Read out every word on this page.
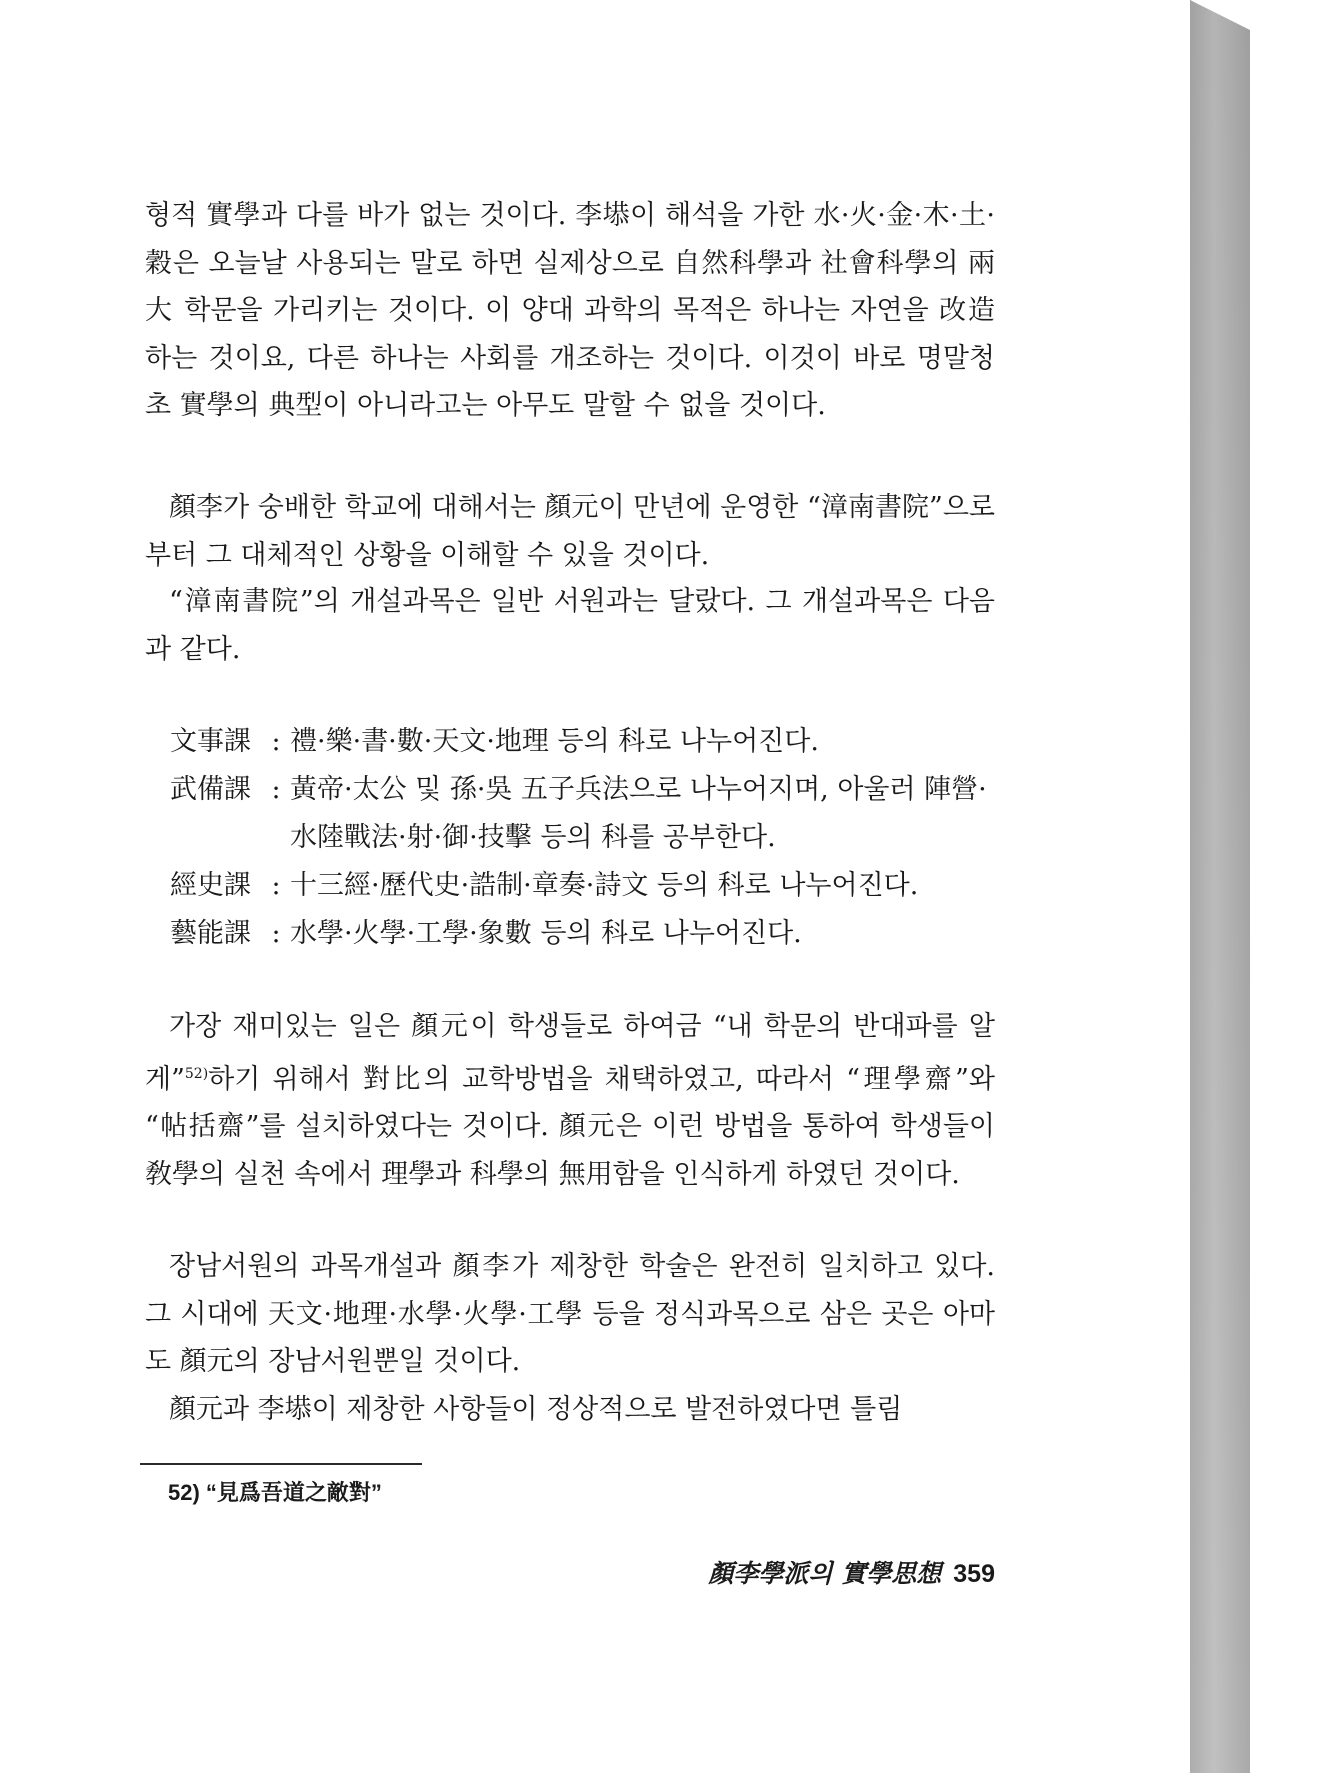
형적 實學과 다를 바가 없는 것이다. 李塨이 해석을 가한 水·火·金·木·土·穀은 오늘날 사용되는 말로 하면 실제상으로 自然科學과 社會科學의 兩大 학문을 가리키는 것이다. 이 양대 과학의 목적은 하나는 자연을 改造하는 것이요, 다른 하나는 사회를 개조하는 것이다. 이것이 바로 명말청초 實學의 典型이 아니라고는 아무도 말할 수 없을 것이다.

顏李가 숭배한 학교에 대해서는 顏元이 만년에 운영한 “漳南書院”으로부터 그 대체적인 상황을 이해할 수 있을 것이다.

“漳南書院”의 개설과목은 일반 서원과는 달랐다. 그 개설과목은 다음과 같다.

文事課 : 禮·樂·書·數·天文·地理 등의 科로 나누어진다.
武備課 : 黃帝·太公 및 孫·吳 五子兵法으로 나누어지며, 아울러 陣營·水陸戰法·射·御·技擊 등의 科를 공부한다.
經史課 : 十三經·歷代史·誥制·章奏·詩文 등의 科로 나누어진다.
藝能課 : 水學·火學·工學·象數 등의 科로 나누어진다.

가장 재미있는 일은 顏元이 학생들로 하여금 “내 학문의 반대파를 알게”$^{52)}$하기 위해서 對比의 교학방법을 채택하였고, 따라서 “理學齋”와 “帖括齋”를 설치하였다는 것이다. 顏元은 이런 방법을 통하여 학생들이 敎學의 실천 속에서 理學과 科學의 無用함을 인식하게 하였던 것이다.

장남서원의 과목개설과 顏李가 제창한 학술은 완전히 일치하고 있다. 그 시대에 天文·地理·水學·火學·工學 등을 정식과목으로 삼은 곳은 아마도 顏元의 장남서원뿐일 것이다.

顏元과 李塨이 제창한 사항들이 정상적으로 발전하였다면 틀림

52) “見爲吾道之敵對”
顏李學派의 實學思想 359
